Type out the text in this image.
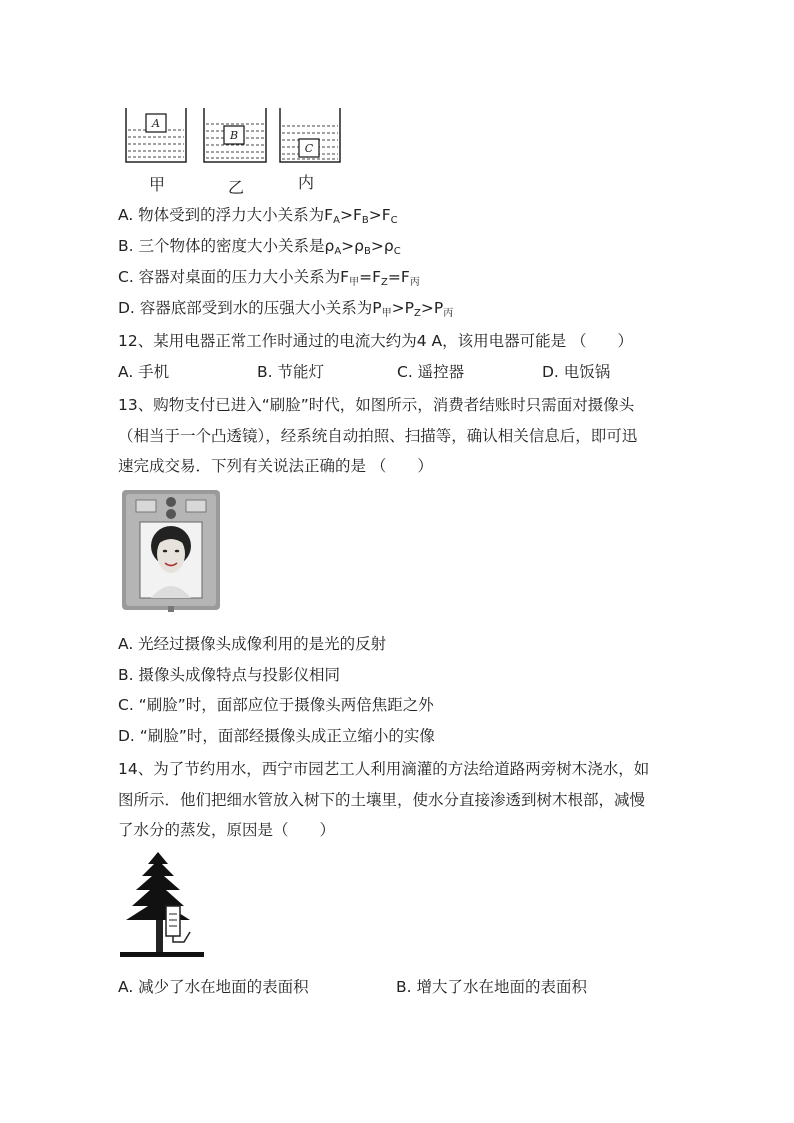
A
B
C
甲	乙	内
A. 物体受到的浮力大小关系为$F_A>F_B>F_C$
B. 三个物体的密度大小关系是$\rho_A>\rho_B>\rho_C$
C. 容器对桌面的压力大小关系为$F_甲=F_Z=F_丙$
D. 容器底部受到水的压强大小关系为$P_甲>P_Z>P_丙$
12、某用电器正常工作时通过的电流大约为4 A，该用电器可能是 （　　）
A. 手机	B. 节能灯	C. 遥控器	D. 电饭锅
13、购物支付已进入“刷脸”时代，如图所示，消费者结账时只需面对摄像头
（相当于一个凸透镜），经系统自动拍照、扫描等，确认相关信息后，即可迅
速完成交易．下列有关说法正确的是 （　　）
A. 光经过摄像头成像利用的是光的反射
B. 摄像头成像特点与投影仪相同
C. “刷脸”时，面部应位于摄像头两倍焦距之外
D. “刷脸”时，面部经摄像头成正立缩小的实像
14、为了节约用水，西宁市园艺工人利用滴灌的方法给道路两旁树木浇水，如
图所示．他们把细水管放入树下的土壤里，使水分直接渗透到树木根部，减慢
了水分的蒸发，原因是（　　）
A. 减少了水在地面的表面积	B. 增大了水在地面的表面积
